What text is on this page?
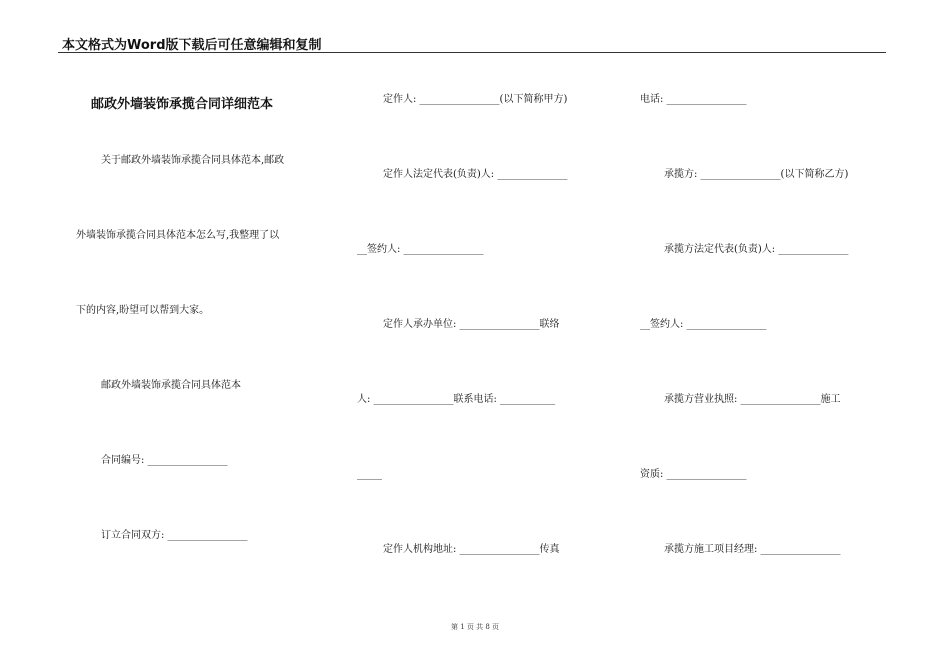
本文格式为Word版下载后可任意编辑和复制
邮政外墙装饰承揽合同详细范本
关于邮政外墙装饰承揽合同具体范本,邮政
外墙装饰承揽合同具体范本怎么写,我整理了以
下的内容,盼望可以帮到大家。
邮政外墙装饰承揽合同具体范本
合同编号: ________________
订立合同双方: ________________
定作人: ________________(以下简称甲方)
定作人法定代表(负责)人: ______________
__签约人: ________________
定作人承办单位: ________________联络
人: ________________联系电话: ___________
_____
定作人机构地址: ________________传真
电话: ________________
承揽方: ________________(以下简称乙方)
承揽方法定代表(负责)人: ______________
__签约人: ________________
承揽方营业执照: ________________施工
资质: ________________
承揽方施工项目经理: ________________
第 1 页 共 8 页
